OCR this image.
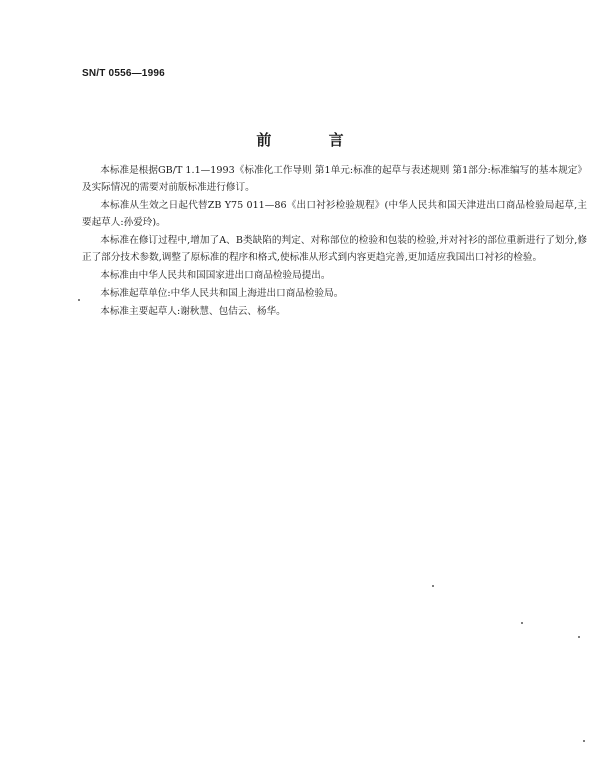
SN/T 0556—1996
前 言

本标准是根据GB/T 1.1—1993《标准化工作导则 第1单元:标准的起草与表述规则 第1部分:标准编写的基本规定》及实际情况的需要对前版标准进行修订。

本标准从生效之日起代替ZB Y75 011—86《出口衬衫检验规程》(中华人民共和国天津进出口商品检验局起草,主要起草人:孙爱玲)。

本标准在修订过程中,增加了A、B类缺陷的判定、对称部位的检验和包装的检验,并对衬衫的部位重新进行了划分,修正了部分技术参数,调整了原标准的程序和格式,使标准从形式到内容更趋完善,更加适应我国出口衬衫的检验。

本标准由中华人民共和国国家进出口商品检验局提出。

本标准起草单位:中华人民共和国上海进出口商品检验局。

本标准主要起草人:谢秋慧、包佶云、杨华。
